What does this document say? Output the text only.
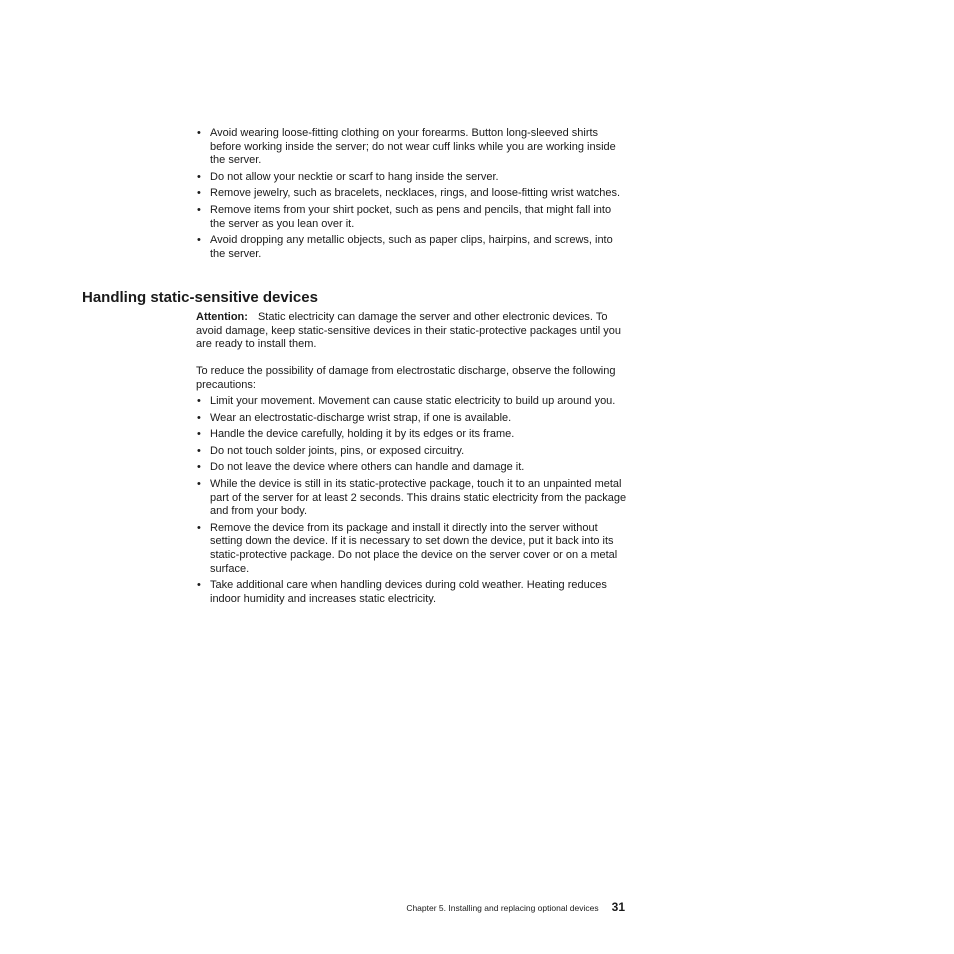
• Avoid wearing loose-fitting clothing on your forearms. Button long-sleeved shirts before working inside the server; do not wear cuff links while you are working inside the server.
• Do not allow your necktie or scarf to hang inside the server.
• Remove jewelry, such as bracelets, necklaces, rings, and loose-fitting wrist watches.
• Remove items from your shirt pocket, such as pens and pencils, that might fall into the server as you lean over it.
• Avoid dropping any metallic objects, such as paper clips, hairpins, and screws, into the server.
Handling static-sensitive devices

Attention: Static electricity can damage the server and other electronic devices. To avoid damage, keep static-sensitive devices in their static-protective packages until you are ready to install them.

To reduce the possibility of damage from electrostatic discharge, observe the following precautions:

• Limit your movement. Movement can cause static electricity to build up around you.
• Wear an electrostatic-discharge wrist strap, if one is available.
• Handle the device carefully, holding it by its edges or its frame.
• Do not touch solder joints, pins, or exposed circuitry.
• Do not leave the device where others can handle and damage it.
• While the device is still in its static-protective package, touch it to an unpainted metal part of the server for at least 2 seconds. This drains static electricity from the package and from your body.
• Remove the device from its package and install it directly into the server without setting down the device. If it is necessary to set down the device, put it back into its static-protective package. Do not place the device on the server cover or on a metal surface.
• Take additional care when handling devices during cold weather. Heating reduces indoor humidity and increases static electricity.
Chapter 5. Installing and replacing optional devices 31
